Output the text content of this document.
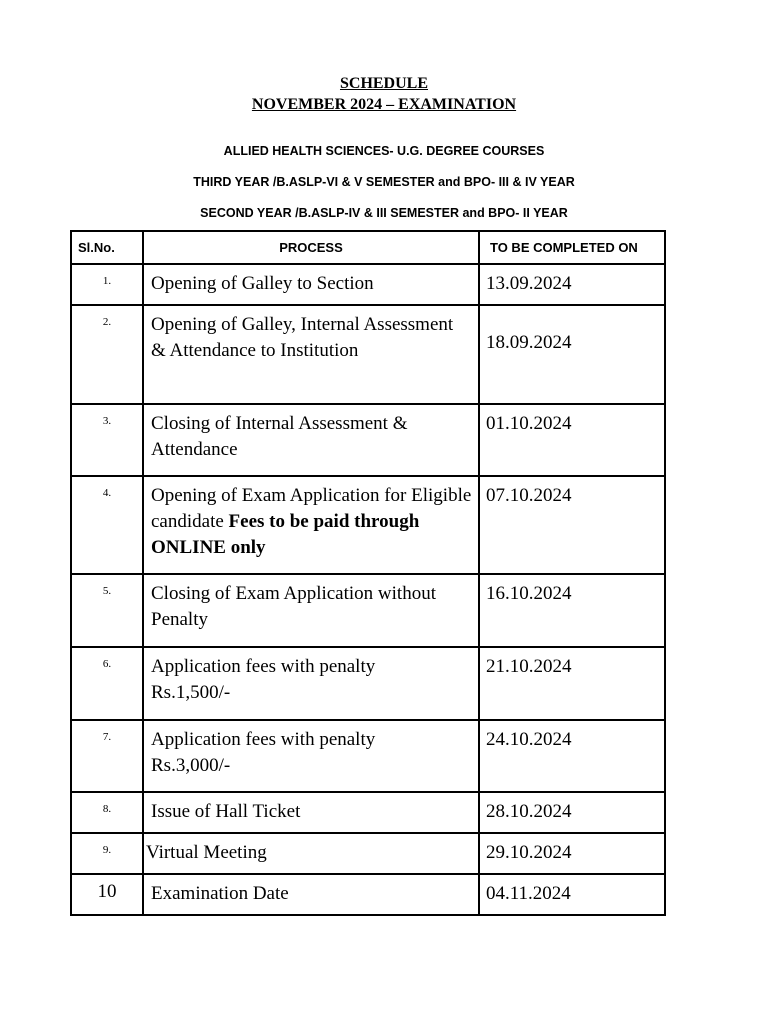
SCHEDULE
NOVEMBER 2024 – EXAMINATION
ALLIED HEALTH SCIENCES- U.G. DEGREE COURSES
THIRD YEAR /B.ASLP-VI & V SEMESTER and BPO- III & IV YEAR
SECOND YEAR /B.ASLP-IV & III SEMESTER and BPO- II YEAR
Sl.No.	PROCESS	TO BE COMPLETED ON
1.	Opening of Galley to Section	13.09.2024
2.	Opening of Galley, Internal Assessment & Attendance to Institution	18.09.2024
3.	Closing of Internal Assessment & Attendance	01.10.2024
4.	Opening of Exam Application for Eligible candidate Fees to be paid through ONLINE only	07.10.2024
5.	Closing of Exam Application without Penalty	16.10.2024
6.	Application fees with penalty Rs.1,500/-	21.10.2024
7.	Application fees with penalty Rs.3,000/-	24.10.2024
8.	Issue of Hall Ticket	28.10.2024
9.	Virtual Meeting	29.10.2024
10	Examination Date	04.11.2024
